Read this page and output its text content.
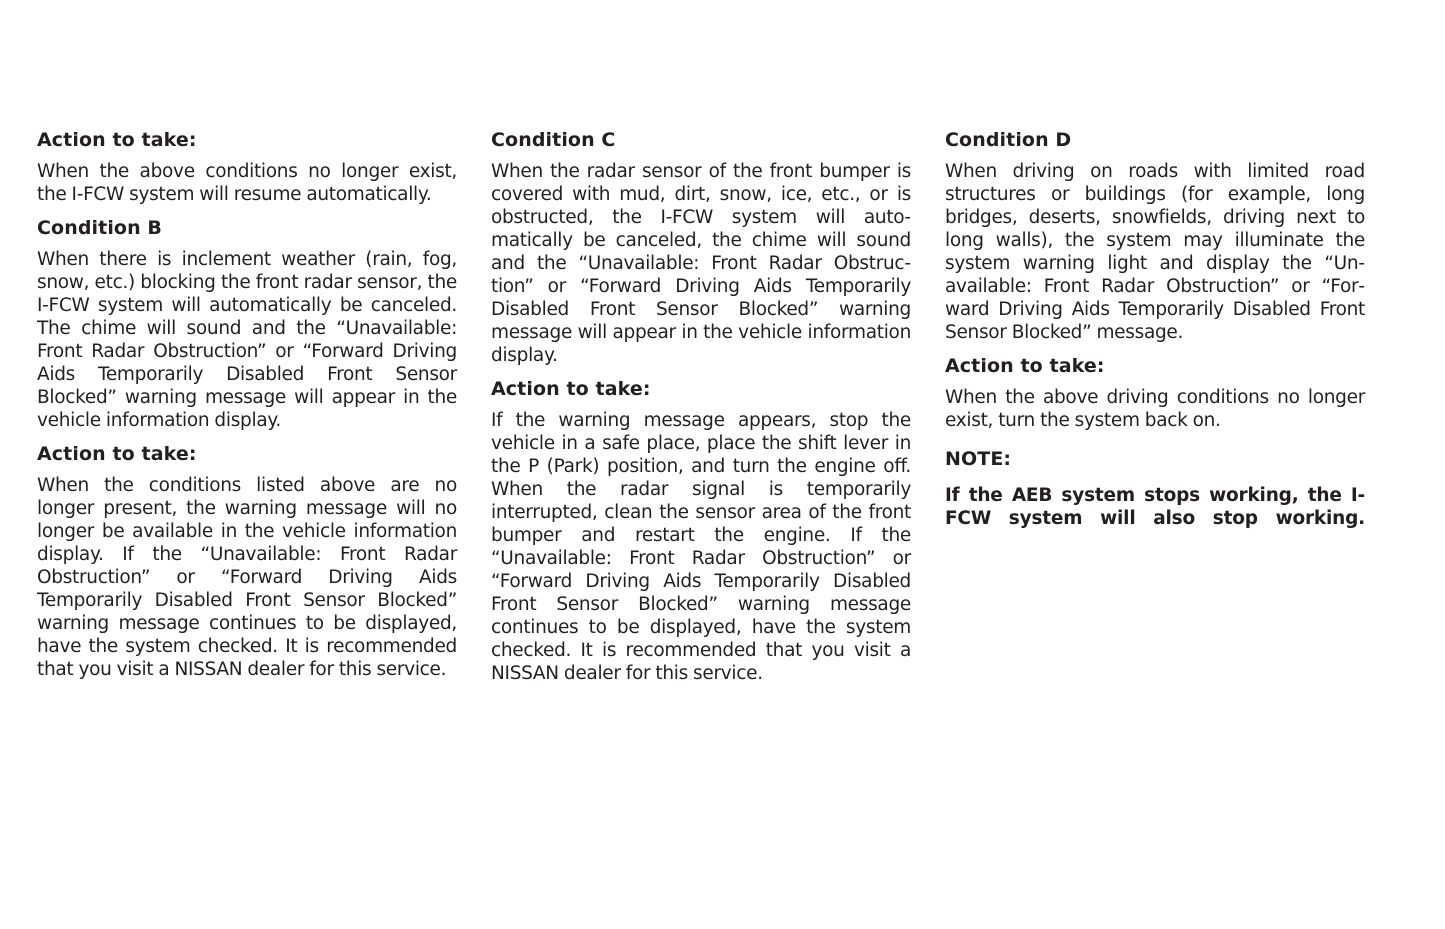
Action to take:

When the above conditions no longer exist, the I-FCW system will resume automatically.

Condition B

When there is inclement weather (rain, fog, snow, etc.) blocking the front radar sensor, the I-FCW system will automatically be canceled. The chime will sound and the “Unavailable: Front Radar Obstruction” or “Forward Driving Aids Temporarily Disabled Front Sensor Blocked” warning message will appear in the vehicle information display.

Action to take:

When the conditions listed above are no longer present, the warning message will no longer be available in the vehicle information display. If the “Unavailable: Front Radar Obstruction” or “Forward Driving Aids Temporarily Disabled Front Sensor Blocked” warning message continues to be displayed, have the system checked. It is recommended that you visit a NISSAN dealer for this service.

Condition C

When the radar sensor of the front bumper is covered with mud, dirt, snow, ice, etc., or is obstructed, the I-FCW system will automatically be canceled, the chime will sound and the “Unavailable: Front Radar Obstruction” or “Forward Driving Aids Temporarily Disabled Front Sensor Blocked” warning message will appear in the vehicle information display.

Action to take:

If the warning message appears, stop the vehicle in a safe place, place the shift lever in the P (Park) position, and turn the engine off. When the radar signal is temporarily interrupted, clean the sensor area of the front bumper and restart the engine. If the “Unavailable: Front Radar Obstruction” or “Forward Driving Aids Temporarily Disabled Front Sensor Blocked” warning message continues to be displayed, have the system checked. It is recommended that you visit a NISSAN dealer for this service.

Condition D

When driving on roads with limited road structures or buildings (for example, long bridges, deserts, snowfields, driving next to long walls), the system may illuminate the system warning light and display the “Unavailable: Front Radar Obstruction” or “Forward Driving Aids Temporarily Disabled Front Sensor Blocked” message.

Action to take:

When the above driving conditions no longer exist, turn the system back on.

NOTE:

If the AEB system stops working, the I-FCW system will also stop working.
